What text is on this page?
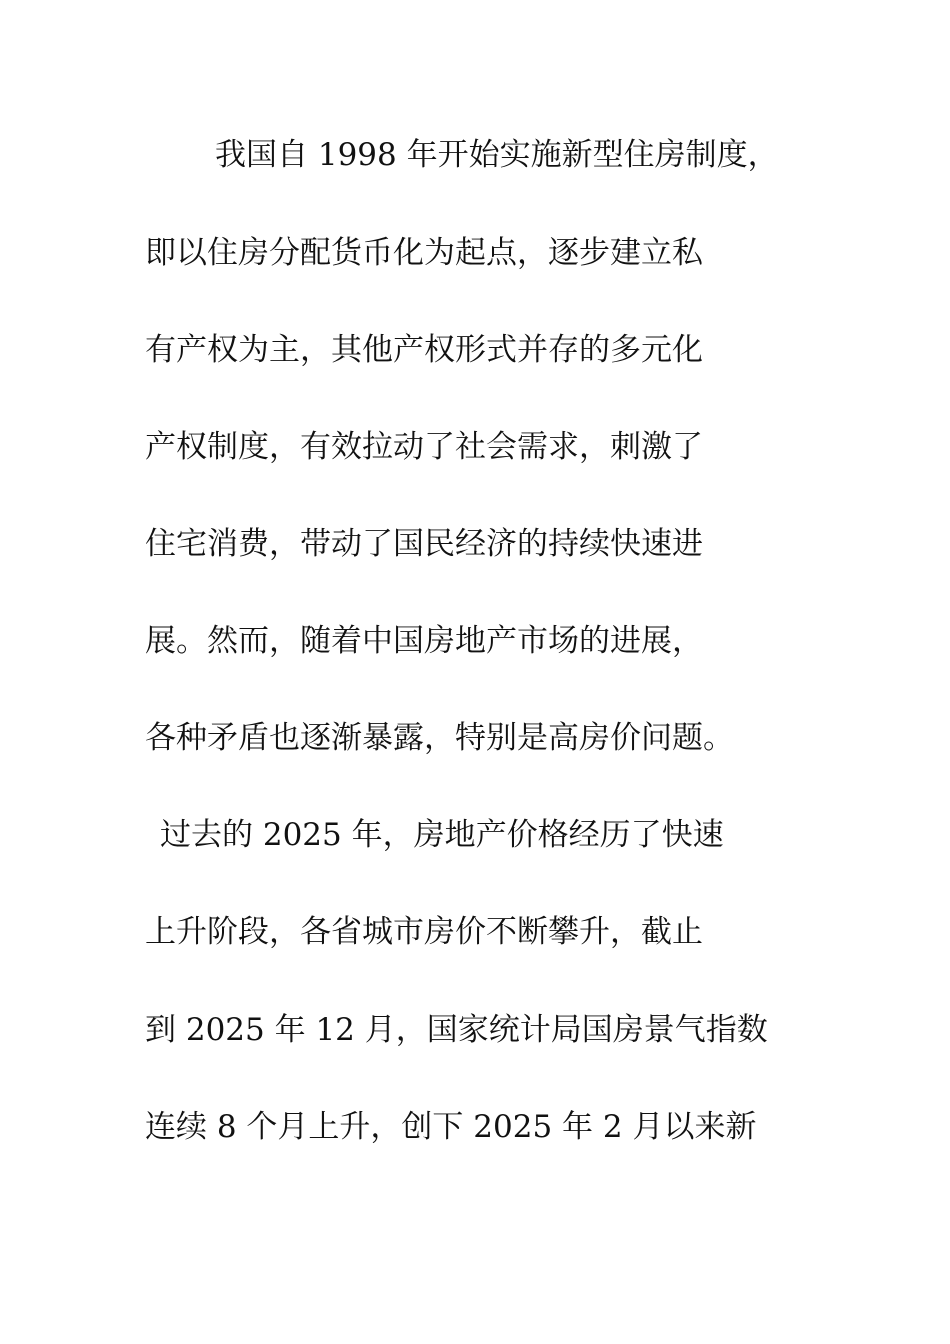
我国自 1998 年开始实施新型住房制度，
即以住房分配货币化为起点，逐步建立私
有产权为主，其他产权形式并存的多元化
产权制度，有效拉动了社会需求，刺激了
住宅消费，带动了国民经济的持续快速进
展。然而，随着中国房地产市场的进展，
各种矛盾也逐渐暴露，特别是高房价问题。
过去的 2025 年，房地产价格经历了快速
上升阶段，各省城市房价不断攀升，截止
到 2025 年 12 月，国家统计局国房景气指数
连续 8 个月上升，创下 2025 年 2 月以来新
